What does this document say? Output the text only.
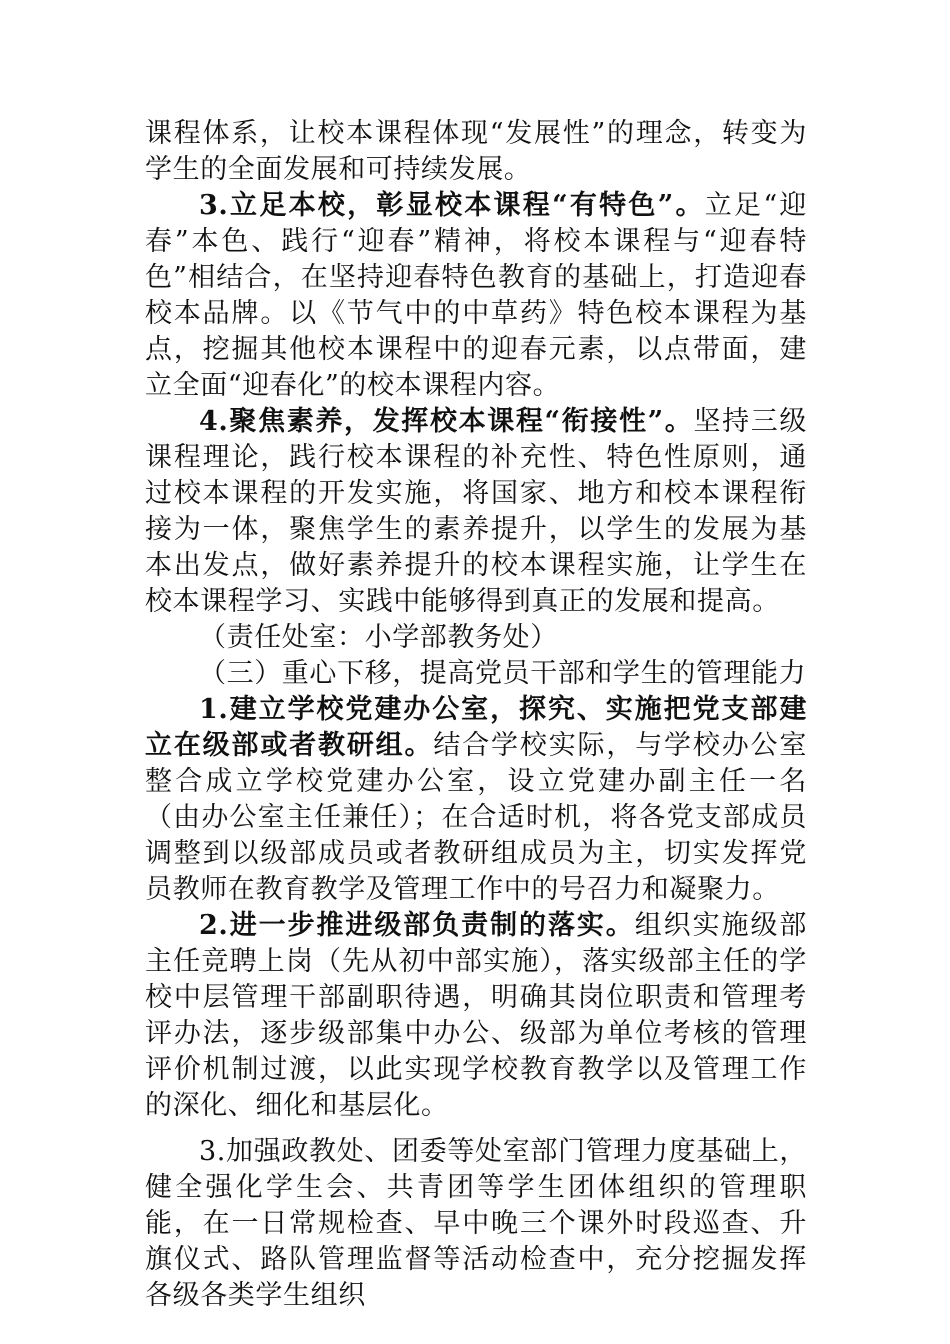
课程体系，让校本课程体现“发展性”的理念，转变为学生的全面发展和可持续发展。

3.立足本校，彰显校本课程“有特色”。立足“迎春”本色、践行“迎春”精神，将校本课程与“迎春特色”相结合，在坚持迎春特色教育的基础上，打造迎春校本品牌。以《节气中的中草药》特色校本课程为基点，挖掘其他校本课程中的迎春元素，以点带面，建立全面“迎春化”的校本课程内容。

4.聚焦素养，发挥校本课程“衔接性”。坚持三级课程理论，践行校本课程的补充性、特色性原则，通过校本课程的开发实施，将国家、地方和校本课程衔接为一体，聚焦学生的素养提升，以学生的发展为基本出发点，做好素养提升的校本课程实施，让学生在校本课程学习、实践中能够得到真正的发展和提高。

（责任处室：小学部教务处）

（三）重心下移，提高党员干部和学生的管理能力

1.建立学校党建办公室，探究、实施把党支部建立在级部或者教研组。结合学校实际，与学校办公室整合成立学校党建办公室，设立党建办副主任一名（由办公室主任兼任）；在合适时机，将各党支部成员调整到以级部成员或者教研组成员为主，切实发挥党员教师在教育教学及管理工作中的号召力和凝聚力。

2.进一步推进级部负责制的落实。组织实施级部主任竞聘上岗（先从初中部实施），落实级部主任的学校中层管理干部副职待遇，明确其岗位职责和管理考评办法，逐步级部集中办公、级部为单位考核的管理评价机制过渡，以此实现学校教育教学以及管理工作的深化、细化和基层化。

3.加强政教处、团委等处室部门管理力度基础上，健全强化学生会、共青团等学生团体组织的管理职能，在一日常规检查、早中晚三个课外时段巡查、升旗仪式、路队管理监督等活动检查中，充分挖掘发挥各级各类学生组织
